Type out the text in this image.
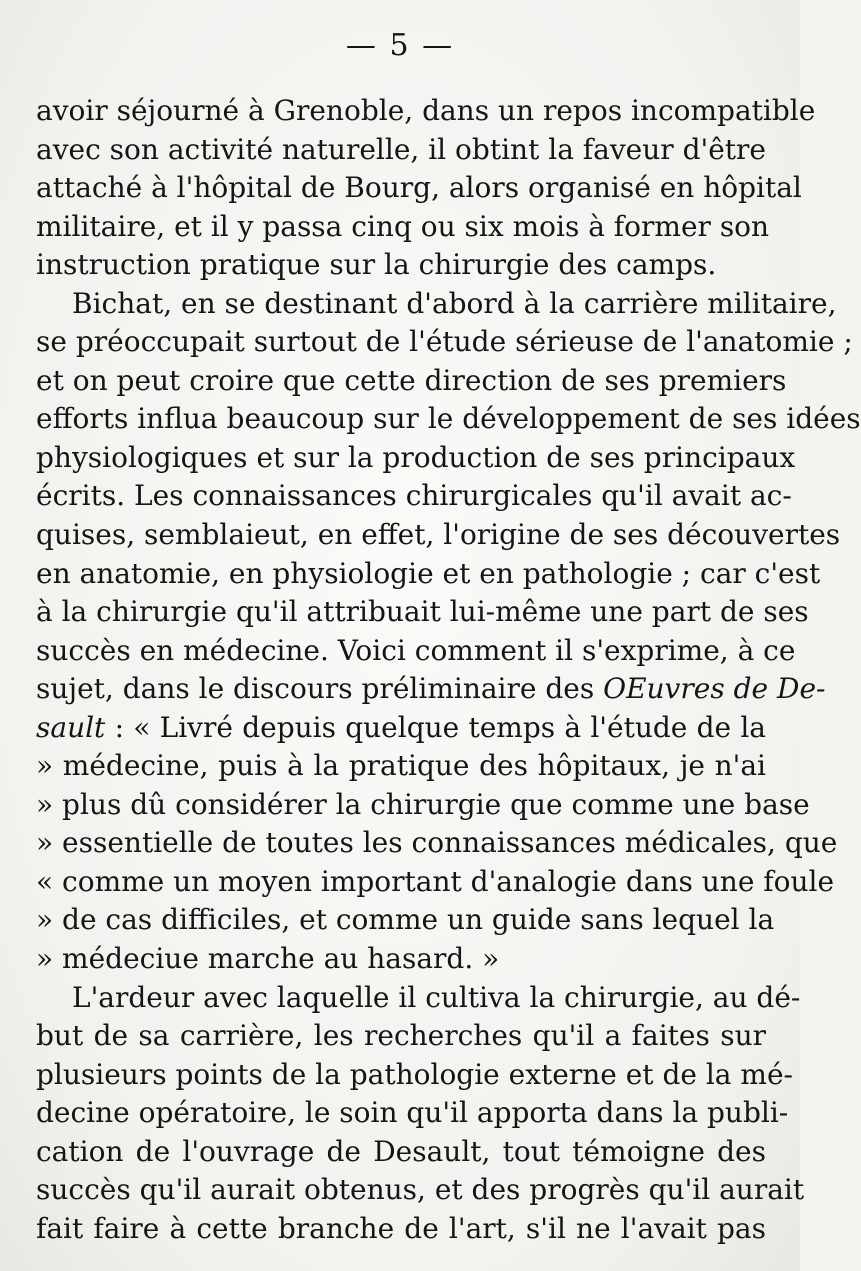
— 5 —
avoir séjourné à Grenoble, dans un repos incompatible
avec son activité naturelle, il obtint la faveur d'être
attaché à l'hôpital de Bourg, alors organisé en hôpital
militaire, et il y passa cinq ou six mois à former son
instruction pratique sur la chirurgie des camps.
Bichat, en se destinant d'abord à la carrière militaire,
se préoccupait surtout de l'étude sérieuse de l'anatomie ;
et on peut croire que cette direction de ses premiers
efforts influa beaucoup sur le développement de ses idées
physiologiques et sur la production de ses principaux
écrits. Les connaissances chirurgicales qu'il avait ac-
quises, semblaieut, en effet, l'origine de ses découvertes
en anatomie, en physiologie et en pathologie ; car c'est
à la chirurgie qu'il attribuait lui-même une part de ses
succès en médecine. Voici comment il s'exprime, à ce
sujet, dans le discours préliminaire des OEuvres de De-
sault : « Livré depuis quelque temps à l'étude de la
» médecine, puis à la pratique des hôpitaux, je n'ai
» plus dû considérer la chirurgie que comme une base
» essentielle de toutes les connaissances médicales, que
« comme un moyen important d'analogie dans une foule
» de cas difficiles, et comme un guide sans lequel la
» médeciue marche au hasard. »
L'ardeur avec laquelle il cultiva la chirurgie, au dé-
but de sa carrière, les recherches qu'il a faites sur
plusieurs points de la pathologie externe et de la mé-
decine opératoire, le soin qu'il apporta dans la publi-
cation de l'ouvrage de Desault, tout témoigne des
succès qu'il aurait obtenus, et des progrès qu'il aurait
fait faire à cette branche de l'art, s'il ne l'avait pas
